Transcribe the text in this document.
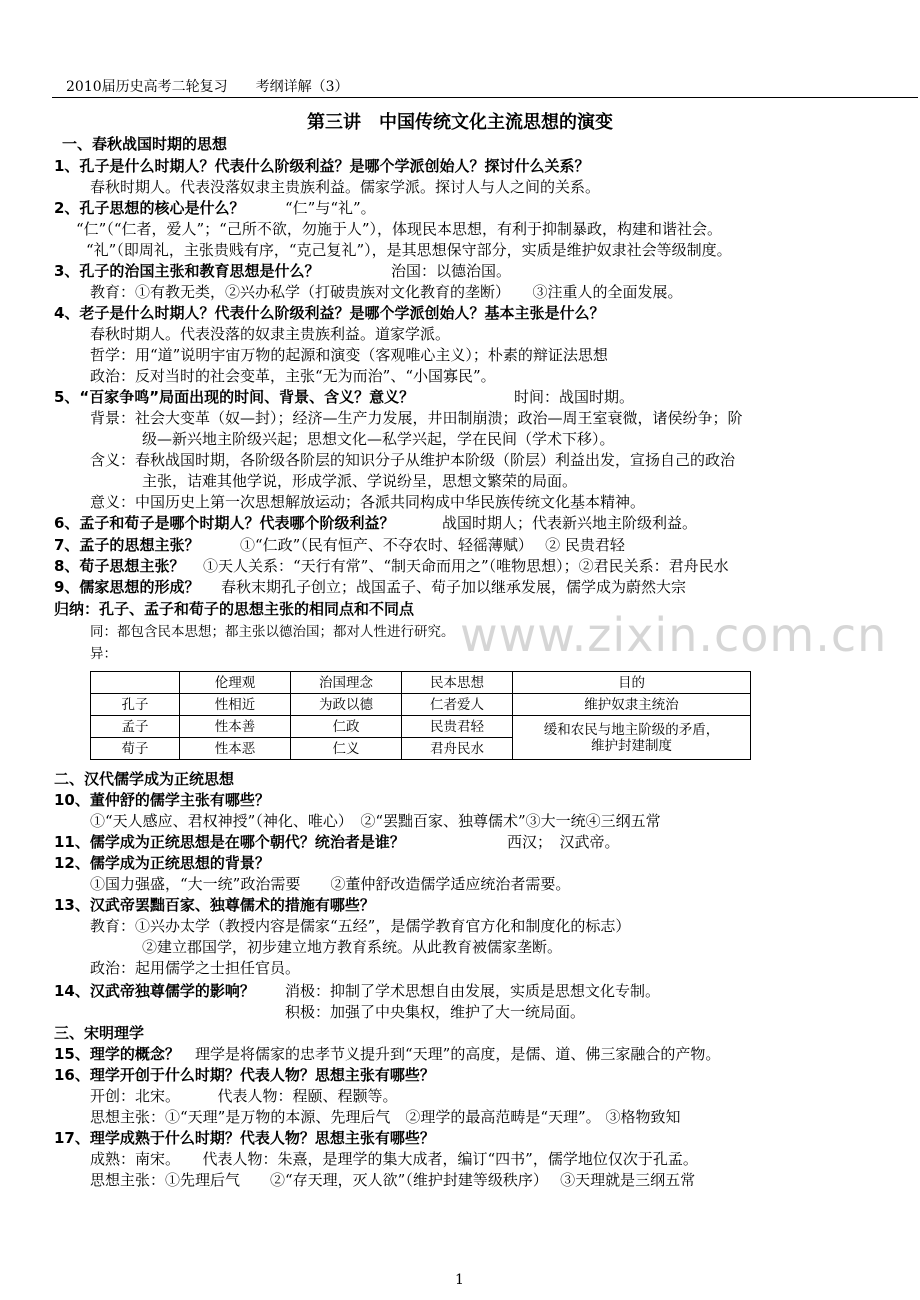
2010届历史高考二轮复习 考纲详解（3）
第三讲　中国传统文化主流思想的演变
www.zixin.com.cn
一、春秋战国时期的思想
1、孔子是什么时期人？代表什么阶级利益？是哪个学派创始人？探讨什么关系？
春秋时期人。代表没落奴隶主贵族利益。儒家学派。探讨人与人之间的关系。
2、孔子思想的核心是什么？	“仁”与“礼”。
“仁”（“仁者，爱人”；“己所不欲，勿施于人”），体现民本思想，有利于抑制暴政，构建和谐社会。
“礼”（即周礼，主张贵贱有序，“克己复礼”），是其思想保守部分，实质是维护奴隶社会等级制度。
3、孔子的治国主张和教育思想是什么？	治国：以德治国。
教育：①有教无类，②兴办私学（打破贵族对文化教育的垄断）　　③注重人的全面发展。
4、老子是什么时期人？代表什么阶级利益？是哪个学派创始人？基本主张是什么？
春秋时期人。代表没落的奴隶主贵族利益。道家学派。
哲学：用“道”说明宇宙万物的起源和演变（客观唯心主义）；朴素的辩证法思想
政治：反对当时的社会变革，主张“无为而治”、“小国寡民”。
5、“百家争鸣”局面出现的时间、背景、含义？意义？	时间：战国时期。
背景：社会大变革（奴—封）；经济—生产力发展，井田制崩溃；政治—周王室衰微，诸侯纷争；阶
级—新兴地主阶级兴起；思想文化—私学兴起，学在民间（学术下移）。
含义：春秋战国时期，各阶级各阶层的知识分子从维护本阶级（阶层）利益出发，宣扬自己的政治
主张，诘难其他学说，形成学派、学说纷呈，思想文繁荣的局面。
意义：中国历史上第一次思想解放运动；各派共同构成中华民族传统文化基本精神。
6、孟子和荀子是哪个时期人？代表哪个阶级利益？	战国时期人；代表新兴地主阶级利益。
7、孟子的思想主张？	①“仁政”（民有恒产、不夺农时、轻徭薄赋）　 ② 民贵君轻
8、荀子思想主张？ ①天人关系：“天行有常”、“制天命而用之”（唯物思想）；②君民关系：君舟民水
9、儒家思想的形成？ 春秋末期孔子创立；战国孟子、荀子加以继承发展，儒学成为蔚然大宗
归纳：孔子、孟子和荀子的思想主张的相同点和不同点
同：都包含民本思想；都主张以德治国；都对人性进行研究。
异：
	伦理观	治国理念	民本思想	目的
孔子	性相近	为政以德	仁者爱人	维护奴隶主统治
孟子	性本善	仁政	民贵君轻	缓和农民与地主阶级的矛盾，
维护封建制度
荀子	性本恶	仁义	君舟民水	
二、汉代儒学成为正统思想
10、董仲舒的儒学主张有哪些？
①“天人感应、君权神授”（神化、唯心）　②“罢黜百家、独尊儒术”③大一统④三纲五常
11、儒学成为正统思想是在哪个朝代？统治者是谁？	西汉；　汉武帝。
12、儒学成为正统思想的背景？
①国力强盛，“大一统”政治需要　　②董仲舒改造儒学适应统治者需要。
13、汉武帝罢黜百家、独尊儒术的措施有哪些？
教育：①兴办太学（教授内容是儒家“五经”，是儒学教育官方化和制度化的标志）
②建立郡国学，初步建立地方教育系统。从此教育被儒家垄断。
政治：起用儒学之士担任官员。
14、汉武帝独尊儒学的影响？ 消极：抑制了学术思想自由发展，实质是思想文化专制。
积极：加强了中央集权，维护了大一统局面。
三、宋明理学
15、理学的概念？ 理学是将儒家的忠孝节义提升到“天理”的高度，是儒、道、佛三家融合的产物。
16、理学开创于什么时期？代表人物？思想主张有哪些？
开创：北宋。　　　代表人物：程颐、程颢等。
思想主张：①“天理”是万物的本源、先理后气　②理学的最高范畴是“天理”。 ③格物致知
17、理学成熟于什么时期？代表人物？思想主张有哪些？
成熟：南宋。　　代表人物：朱熹，是理学的集大成者，编订“四书”，儒学地位仅次于孔孟。
思想主张：①先理后气　　②“存天理，灭人欲”（维护封建等级秩序）　 ③天理就是三纲五常
1
